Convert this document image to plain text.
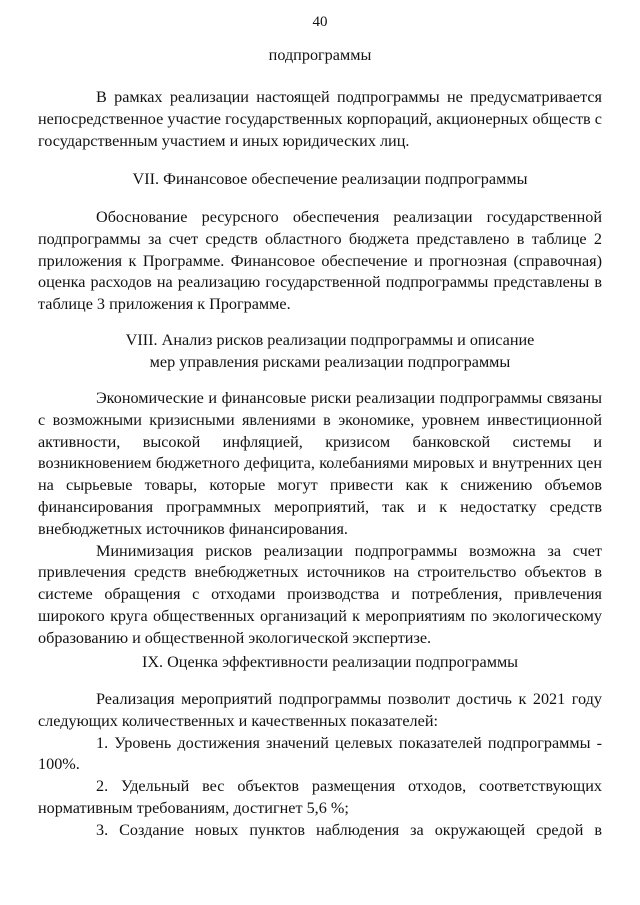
40

подпрограммы

В рамках реализации настоящей подпрограммы не предусматривается непосредственное участие государственных корпораций, акционерных обществ с государственным участием и иных юридических лиц.

VII. Финансовое обеспечение реализации подпрограммы

Обоснование ресурсного обеспечения реализации государственной подпрограммы за счет средств областного бюджета представлено в таблице 2 приложения к Программе. Финансовое обеспечение и прогнозная (справочная) оценка расходов на реализацию государственной подпрограммы представлены в таблице 3 приложения к Программе.

VIII. Анализ рисков реализации подпрограммы и описание

мер управления рисками реализации подпрограммы

Экономические и финансовые риски реализации подпрограммы связаны с возможными кризисными явлениями в экономике, уровнем инвестиционной активности, высокой инфляцией, кризисом банковской системы и возникновением бюджетного дефицита, колебаниями мировых и внутренних цен на сырьевые товары, которые могут привести как к снижению объемов финансирования программных мероприятий, так и к недостатку средств внебюджетных источников финансирования.

Минимизация рисков реализации подпрограммы возможна за счет привлечения средств внебюджетных источников на строительство объектов в системе обращения с отходами производства и потребления, привлечения широкого круга общественных организаций к мероприятиям по экологическому образованию и общественной экологической экспертизе.

IX. Оценка эффективности реализации подпрограммы

Реализация мероприятий подпрограммы позволит достичь к 2021 году следующих количественных и качественных показателей:

1. Уровень достижения значений целевых показателей подпрограммы - 100%.

2. Удельный вес объектов размещения отходов, соответствующих нормативным требованиям, достигнет 5,6 %;

3. Создание новых пунктов наблюдения за окружающей средой в
